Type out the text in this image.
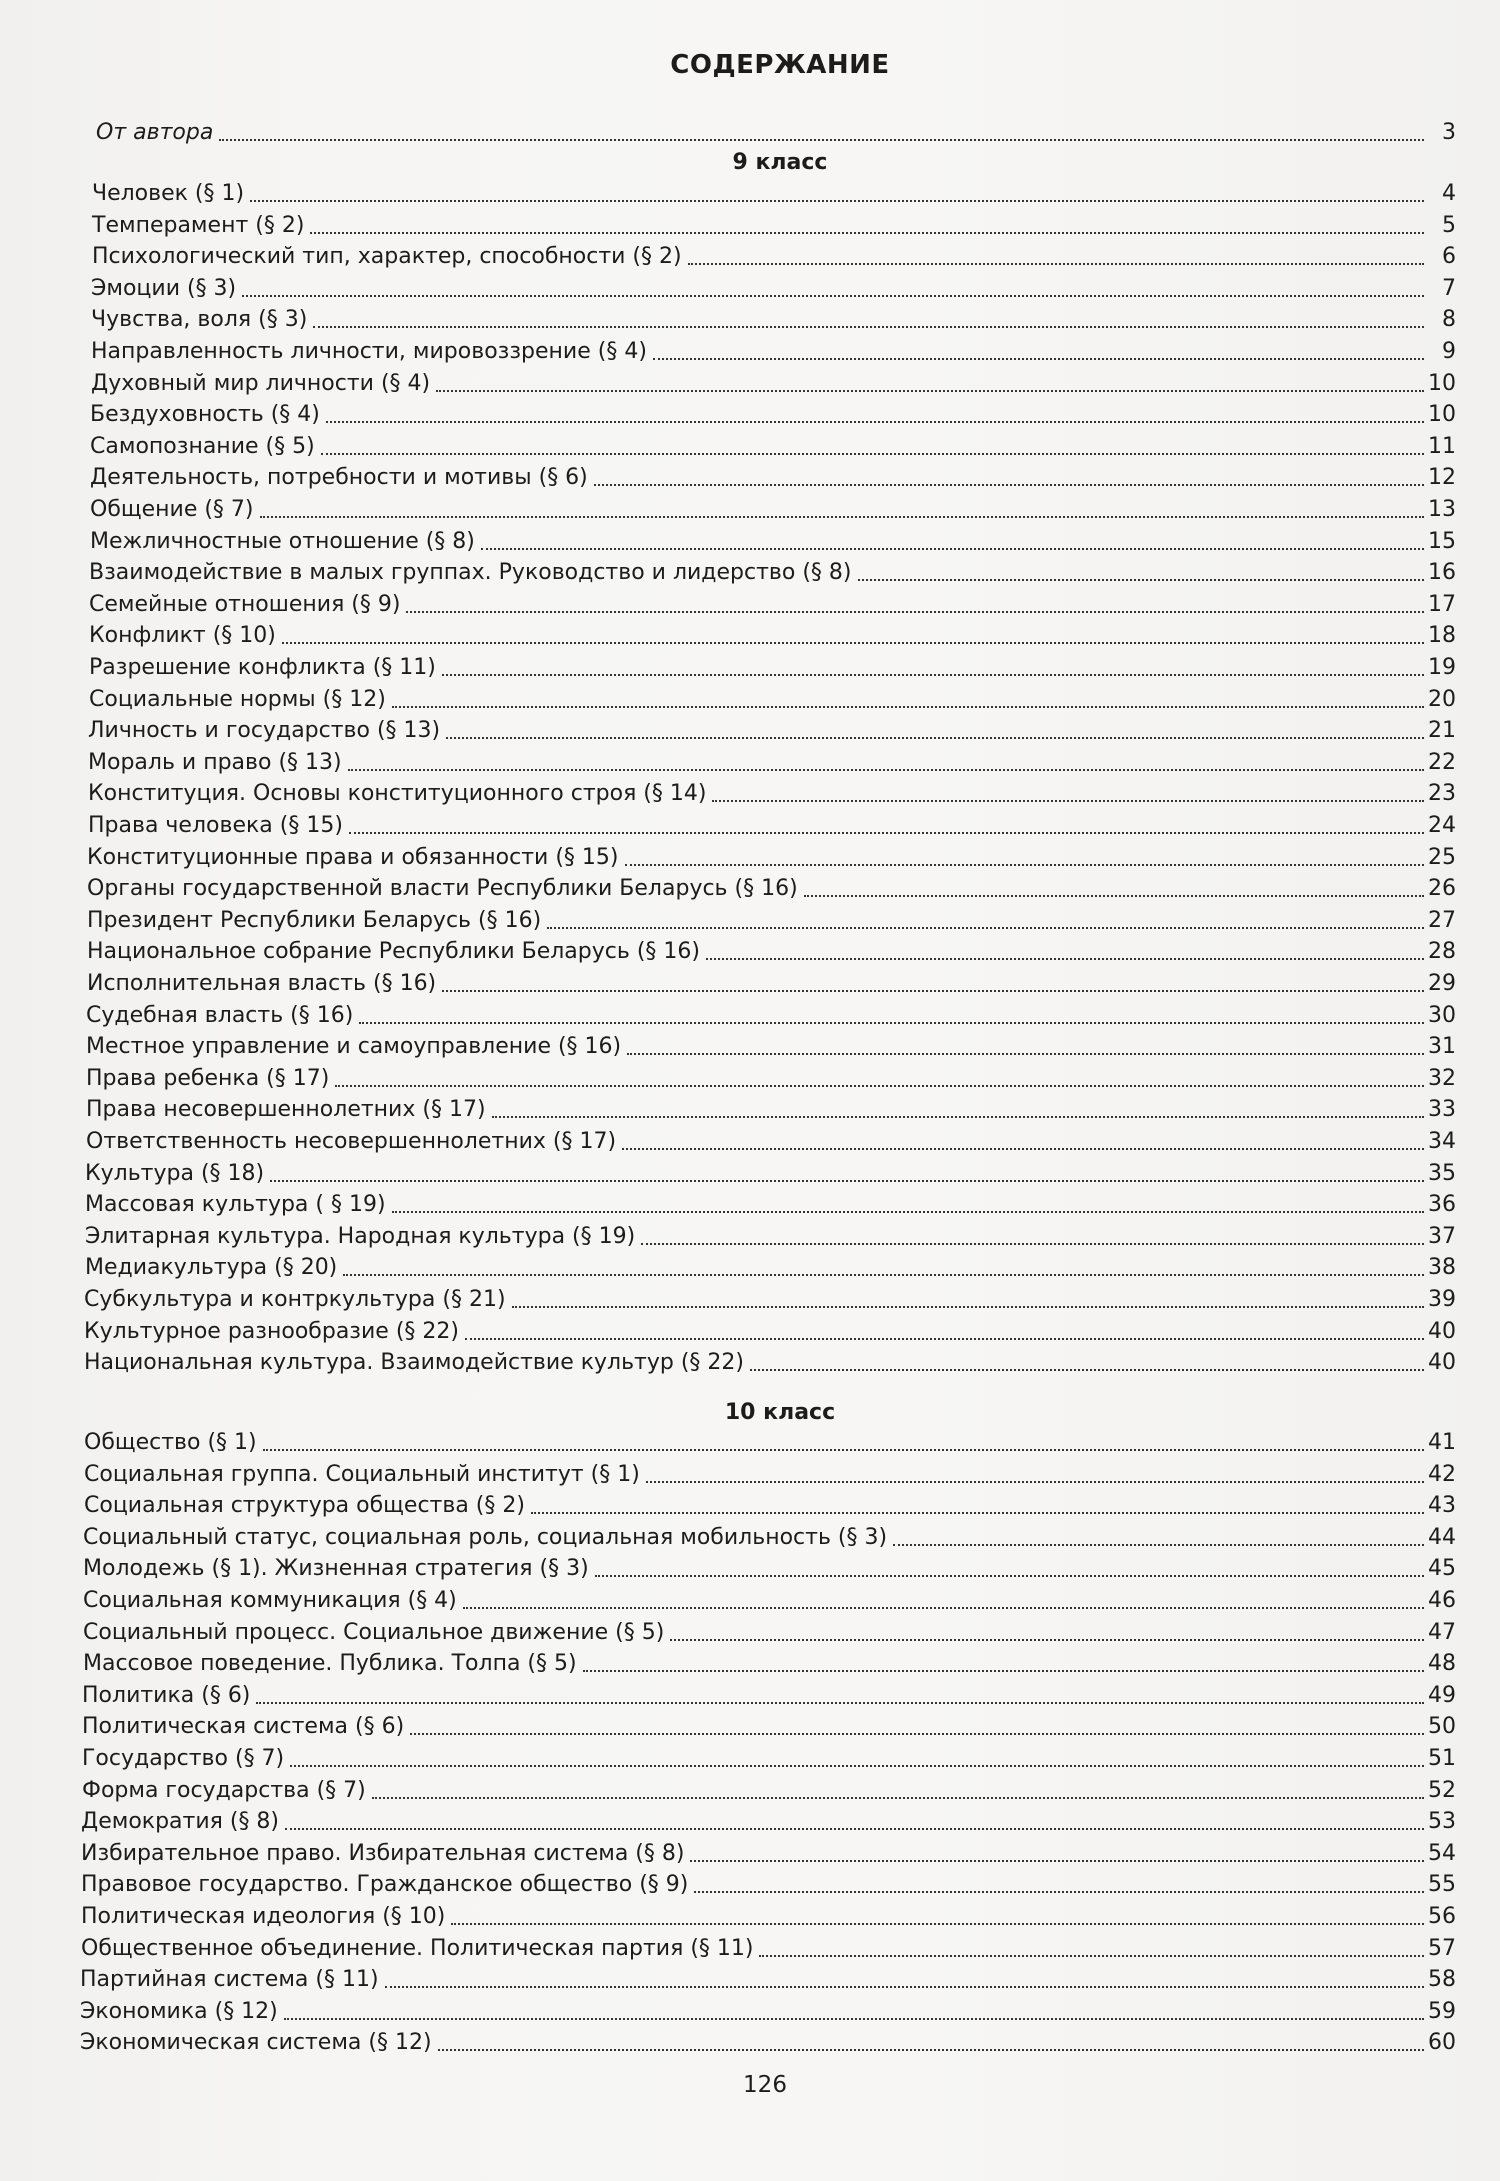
СОДЕРЖАНИЕ
От автора	3
9 класс
Человек (§ 1)	4
Темперамент (§ 2)	5
Психологический тип, характер, способности (§ 2)	6
Эмоции (§ 3)	7
Чувства, воля (§ 3)	8
Направленность личности, мировоззрение (§ 4)	9
Духовный мир личности (§ 4)	10
Бездуховность (§ 4)	10
Самопознание (§ 5)	11
Деятельность, потребности и мотивы (§ 6)	12
Общение (§ 7)	13
Межличностные отношение (§ 8)	15
Взаимодействие в малых группах. Руководство и лидерство (§ 8)	16
Семейные отношения (§ 9)	17
Конфликт (§ 10)	18
Разрешение конфликта (§ 11)	19
Социальные нормы (§ 12)	20
Личность и государство (§ 13)	21
Мораль и право (§ 13)	22
Конституция. Основы конституционного строя (§ 14)	23
Права человека (§ 15)	24
Конституционные права и обязанности (§ 15)	25
Органы государственной власти Республики Беларусь (§ 16)	26
Президент Республики Беларусь (§ 16)	27
Национальное собрание Республики Беларусь (§ 16)	28
Исполнительная власть (§ 16)	29
Судебная власть (§ 16)	30
Местное управление и самоуправление (§ 16)	31
Права ребенка (§ 17)	32
Права несовершеннолетних (§ 17)	33
Ответственность несовершеннолетних (§ 17)	34
Культура (§ 18)	35
Массовая культура ( § 19)	36
Элитарная культура. Народная культура (§ 19)	37
Медиакультура (§ 20)	38
Субкультура и контркультура (§ 21)	39
Культурное разнообразие (§ 22)	40
Национальная культура. Взаимодействие культур (§ 22)	40
10 класс
Общество (§ 1)	41
Социальная группа. Социальный институт (§ 1)	42
Социальная структура общества (§ 2)	43
Социальный статус, социальная роль, социальная мобильность (§ 3)	44
Молодежь (§ 1). Жизненная стратегия (§ 3)	45
Социальная коммуникация (§ 4)	46
Социальный процесс. Социальное движение (§ 5)	47
Массовое поведение. Публика. Толпа (§ 5)	48
Политика (§ 6)	49
Политическая система (§ 6)	50
Государство (§ 7)	51
Форма государства (§ 7)	52
Демократия (§ 8)	53
Избирательное право. Избирательная система (§ 8)	54
Правовое государство. Гражданское общество (§ 9)	55
Политическая идеология (§ 10)	56
Общественное объединение. Политическая партия (§ 11)	57
Партийная система (§ 11)	58
Экономика (§ 12)	59
Экономическая система (§ 12)	60
126
